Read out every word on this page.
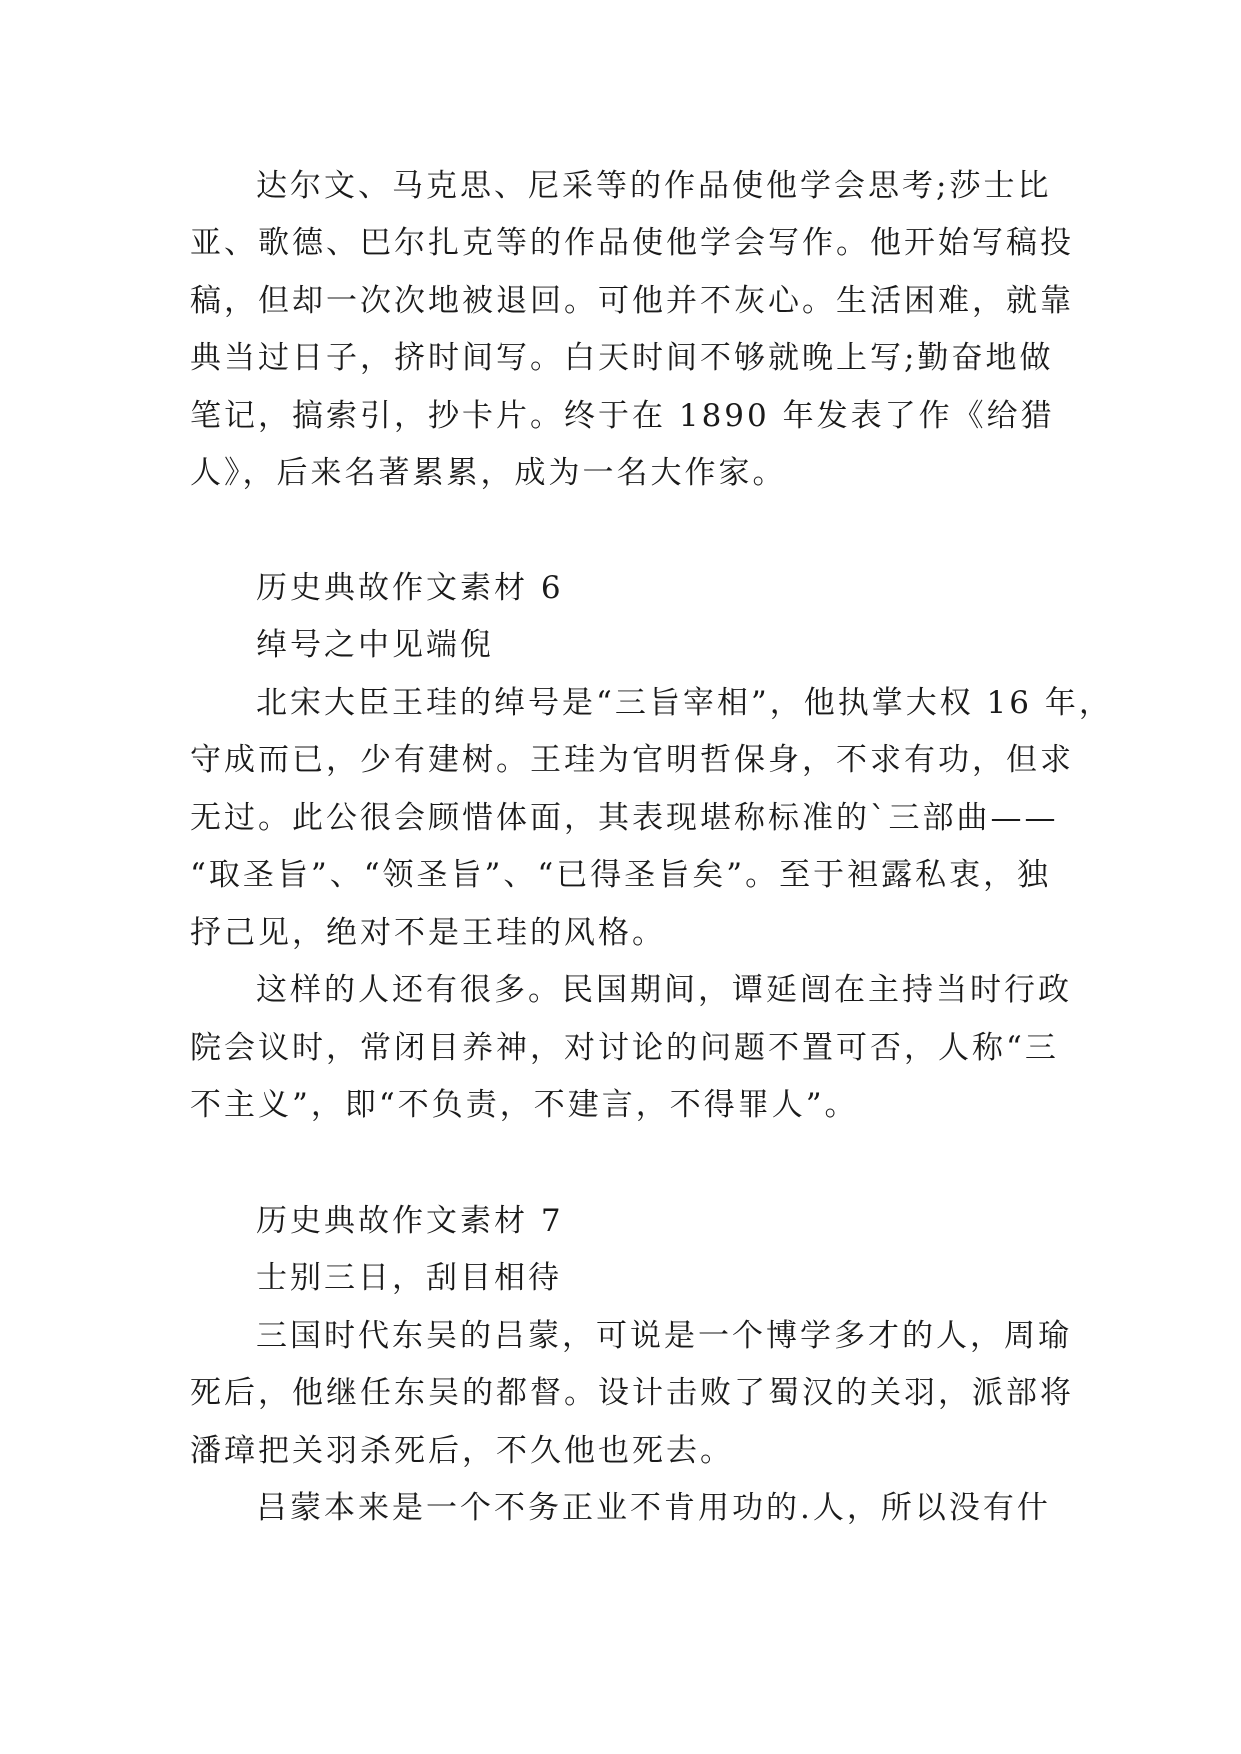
达尔文、马克思、尼采等的作品使他学会思考;莎士比
亚、歌德、巴尔扎克等的作品使他学会写作。他开始写稿投
稿，但却一次次地被退回。可他并不灰心。生活困难，就靠
典当过日子，挤时间写。白天时间不够就晚上写;勤奋地做
笔记，搞索引，抄卡片。终于在 1890 年发表了作《给猎
人》，后来名著累累，成为一名大作家。
历史典故作文素材 6
绰号之中见端倪
北宋大臣王珪的绰号是“三旨宰相”，他执掌大权 16 年，
守成而已，少有建树。王珪为官明哲保身，不求有功，但求
无过。此公很会顾惜体面，其表现堪称标准的`三部曲——
“取圣旨”、“领圣旨”、“已得圣旨矣”。至于袒露私衷，独
抒己见，绝对不是王珪的风格。
这样的人还有很多。民国期间，谭延闿在主持当时行政
院会议时，常闭目养神，对讨论的问题不置可否，人称“三
不主义”，即“不负责，不建言，不得罪人”。
历史典故作文素材 7
士别三日，刮目相待
三国时代东吴的吕蒙，可说是一个博学多才的人，周瑜
死后，他继任东吴的都督。设计击败了蜀汉的关羽，派部将
潘璋把关羽杀死后，不久他也死去。
吕蒙本来是一个不务正业不肯用功的.人，所以没有什
